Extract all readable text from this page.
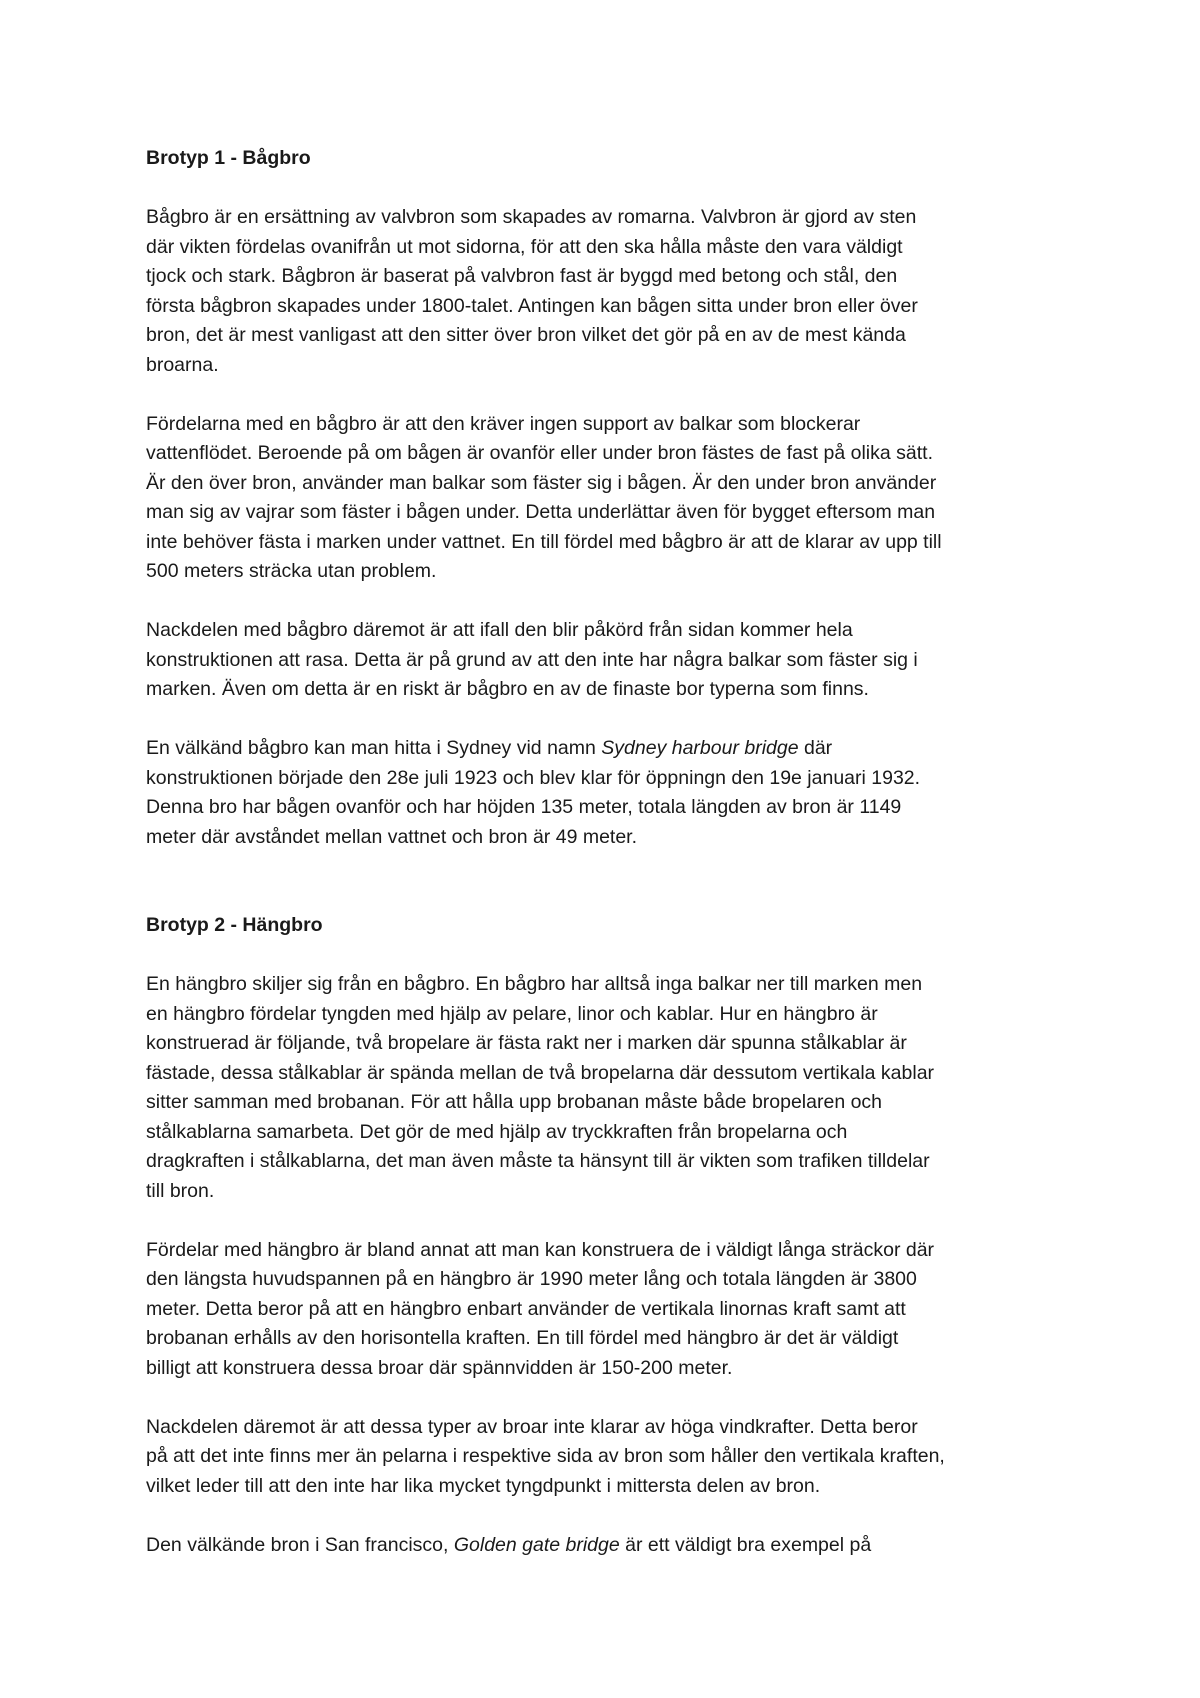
Brotyp 1 - Bågbro
Bågbro är en ersättning av valvbron som skapades av romarna. Valvbron är gjord av sten
där vikten fördelas ovanifrån ut mot sidorna, för att den ska hålla måste den vara väldigt
tjock och stark. Bågbron är baserat på valvbron fast är byggd med betong och stål, den
första bågbron skapades under 1800-talet. Antingen kan bågen sitta under bron eller över
bron, det är mest vanligast att den sitter över bron vilket det gör på en av de mest kända
broarna.
Fördelarna med en bågbro är att den kräver ingen support av balkar som blockerar
vattenflödet. Beroende på om bågen är ovanför eller under bron fästes de fast på olika sätt.
Är den över bron, använder man balkar som fäster sig i bågen. Är den under bron använder
man sig av vajrar som fäster i bågen under. Detta underlättar även för bygget eftersom man
inte behöver fästa i marken under vattnet. En till fördel med bågbro är att de klarar av upp till
500 meters sträcka utan problem.
Nackdelen med bågbro däremot är att ifall den blir påkörd från sidan kommer hela
konstruktionen att rasa. Detta är på grund av att den inte har några balkar som fäster sig i
marken. Även om detta är en riskt är bågbro en av de finaste bor typerna som finns.
En välkänd bågbro kan man hitta i Sydney vid namn Sydney harbour bridge där
konstruktionen började den 28e juli 1923 och blev klar för öppningn den 19e januari 1932.
Denna bro har bågen ovanför och har höjden 135 meter, totala längden av bron är 1149
meter där avståndet mellan vattnet och bron är 49 meter.
Brotyp 2 - Hängbro
En hängbro skiljer sig från en bågbro. En bågbro har alltså inga balkar ner till marken men
en hängbro fördelar tyngden med hjälp av pelare, linor och kablar. Hur en hängbro är
konstruerad är följande, två bropelare är fästa rakt ner i marken där spunna stålkablar är
fästade, dessa stålkablar är spända mellan de två bropelarna där dessutom vertikala kablar
sitter samman med brobanan. För att hålla upp brobanan måste både bropelaren och
stålkablarna samarbeta. Det gör de med hjälp av tryckkraften från bropelarna och
dragkraften i stålkablarna, det man även måste ta hänsynt till är vikten som trafiken tilldelar
till bron.
Fördelar med hängbro är bland annat att man kan konstruera de i väldigt långa sträckor där
den längsta huvudspannen på en hängbro är 1990 meter lång och totala längden är 3800
meter. Detta beror på att en hängbro enbart använder de vertikala linornas kraft samt att
brobanan erhålls av den horisontella kraften. En till fördel med hängbro är det är väldigt
billigt att konstruera dessa broar där spännvidden är 150-200 meter.
Nackdelen däremot är att dessa typer av broar inte klarar av höga vindkrafter. Detta beror
på att det inte finns mer än pelarna i respektive sida av bron som håller den vertikala kraften,
vilket leder till att den inte har lika mycket tyngdpunkt i mittersta delen av bron.
Den välkände bron i San francisco, Golden gate bridge är ett väldigt bra exempel på
